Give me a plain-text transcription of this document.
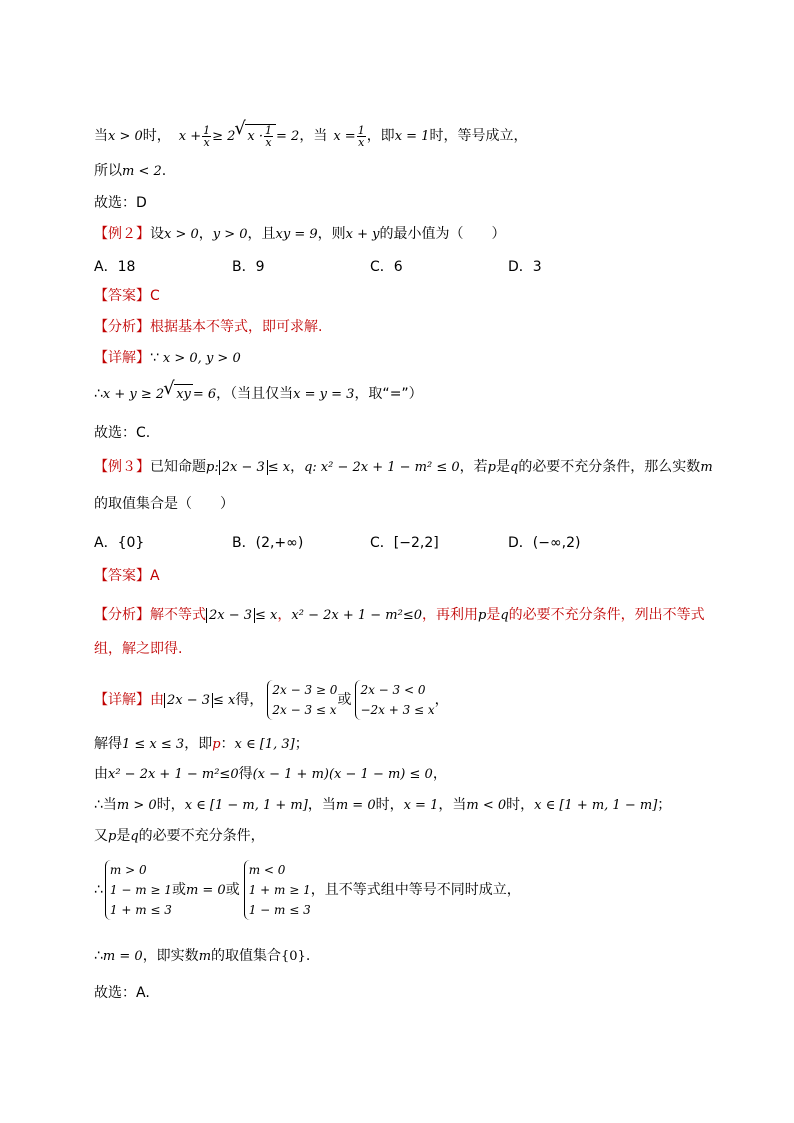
当x > 0时， $x + \frac{1}{x} \ge 2√$ $x \cdot \frac{1}{x} = 2$，当 $x = \frac{1}{x}$ ，即x = 1时，等号成立，
所以m < 2.
故选：D
【例２】设x > 0，y > 0，且xy = 9，则x + y的最小值为（　　）
A．18	B．9	C．6	D．3
【答案】C
【分析】根据基本不等式，即可求解.
【详解】∵ x > 0, y > 0
∴x + y ≥ 2√ xy = 6，（当且仅当x = y = 3，取“=”）
故选：C.
【例３】已知命题p: 2x − 3 ≤ x，q: x² − 2x + 1 − m² ≤ 0，若p是q的必要不充分条件，那么实数m
的取值集合是（　　）
A．{0}	B．(2,+∞)	C．[−2,2]	D．(−∞,2)
【答案】A
【分析】解不等式 2x − 3 ≤ x，x² − 2x + 1 − m²≤0，再利用p是q的必要不充分条件，列出不等式
组，解之即得.
【详解】由 2x − 3 ≤ x得，
2x − 3 ≥ 0
2x − 3 ≤ x
或
2x − 3 < 0
−2x + 3 ≤ x
，
解得1 ≤ x ≤ 3，即p：x ∈ [1, 3]；
由x² − 2x + 1 − m²≤0得(x − 1 + m)(x − 1 − m) ≤ 0，
∴当m > 0时，x ∈ [1 − m, 1 + m]，当m = 0时，x = 1，当m < 0时，x ∈ [1 + m, 1 − m]；
又p是q的必要不充分条件，
∴
m > 0
1 − m ≥ 1
1 + m ≤ 3
或m = 0或
m < 0
1 + m ≥ 1
1 − m ≤ 3
，且不等式组中等号不同时成立，
∴m = 0，即实数m的取值集合{0}.
故选：A.
